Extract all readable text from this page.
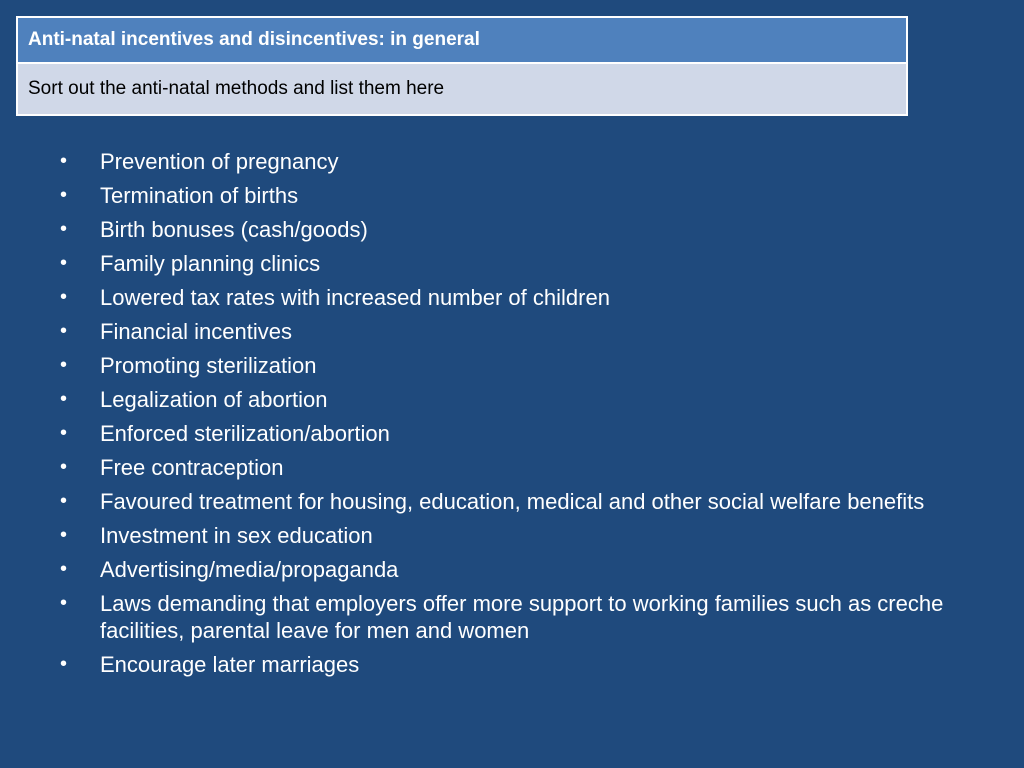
Anti-natal incentives and disincentives: in general
Sort out the anti-natal methods and list them here
•	Prevention of pregnancy
•	Termination of births
•	Birth bonuses (cash/goods)
•	Family planning clinics
•	Lowered tax rates with increased number of children
•	Financial incentives
•	Promoting sterilization
•	Legalization of abortion
•	Enforced sterilization/abortion
•	Free contraception
•	Favoured treatment for housing, education, medical and other social welfare benefits
•	Investment in sex education
•	Advertising/media/propaganda
•	Laws demanding that employers offer more support to working families such as creche facilities, parental leave for men and women
•	Encourage later marriages
